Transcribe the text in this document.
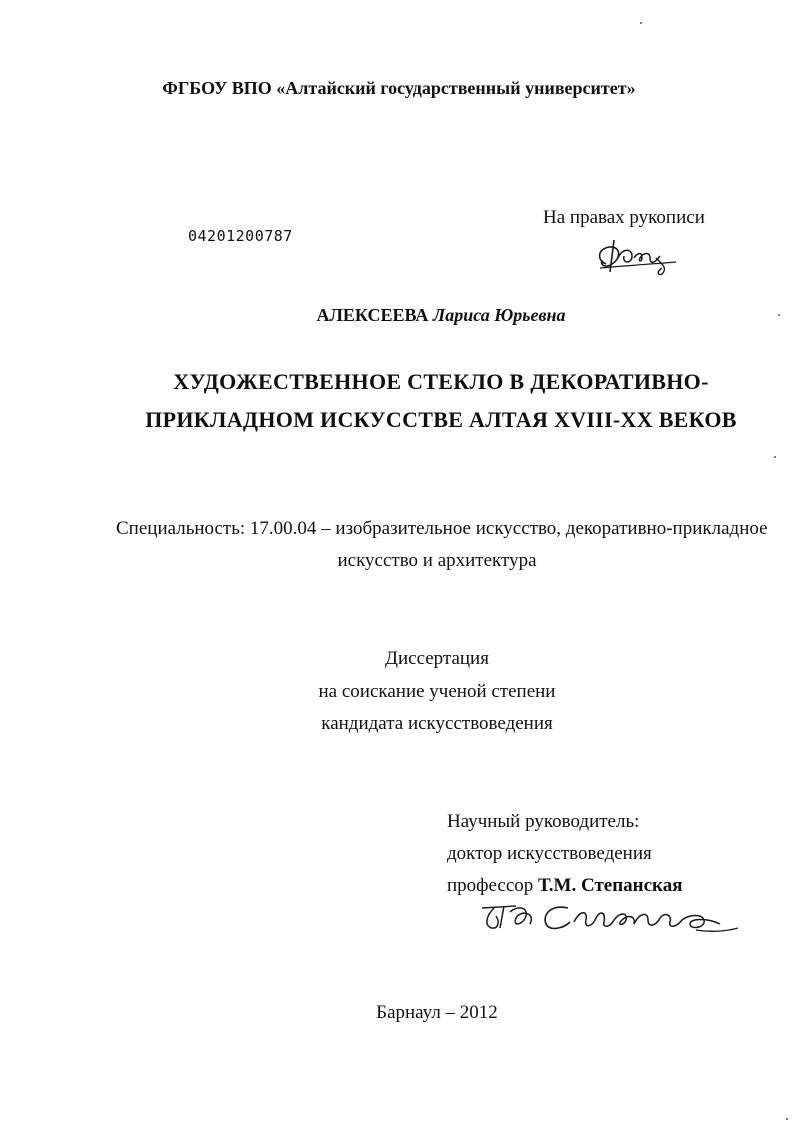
ФГБОУ ВПО «Алтайский государственный университет»
04201200787
На правах рукописи
АЛЕКСЕЕВА Лариса Юрьевна
ХУДОЖЕСТВЕННОЕ СТЕКЛО В ДЕКОРАТИВНО-
ПРИКЛАДНОМ ИСКУССТВЕ АЛТАЯ XVIII-XX ВЕКОВ
Специальность: 17.00.04 – изобразительное искусство, декоративно-прикладное
искусство и архитектура
Диссертация
на соискание ученой степени
кандидата искусствоведения
Научный руководитель:
доктор искусствоведения
профессор Т.М. Степанская
Барнаул – 2012
